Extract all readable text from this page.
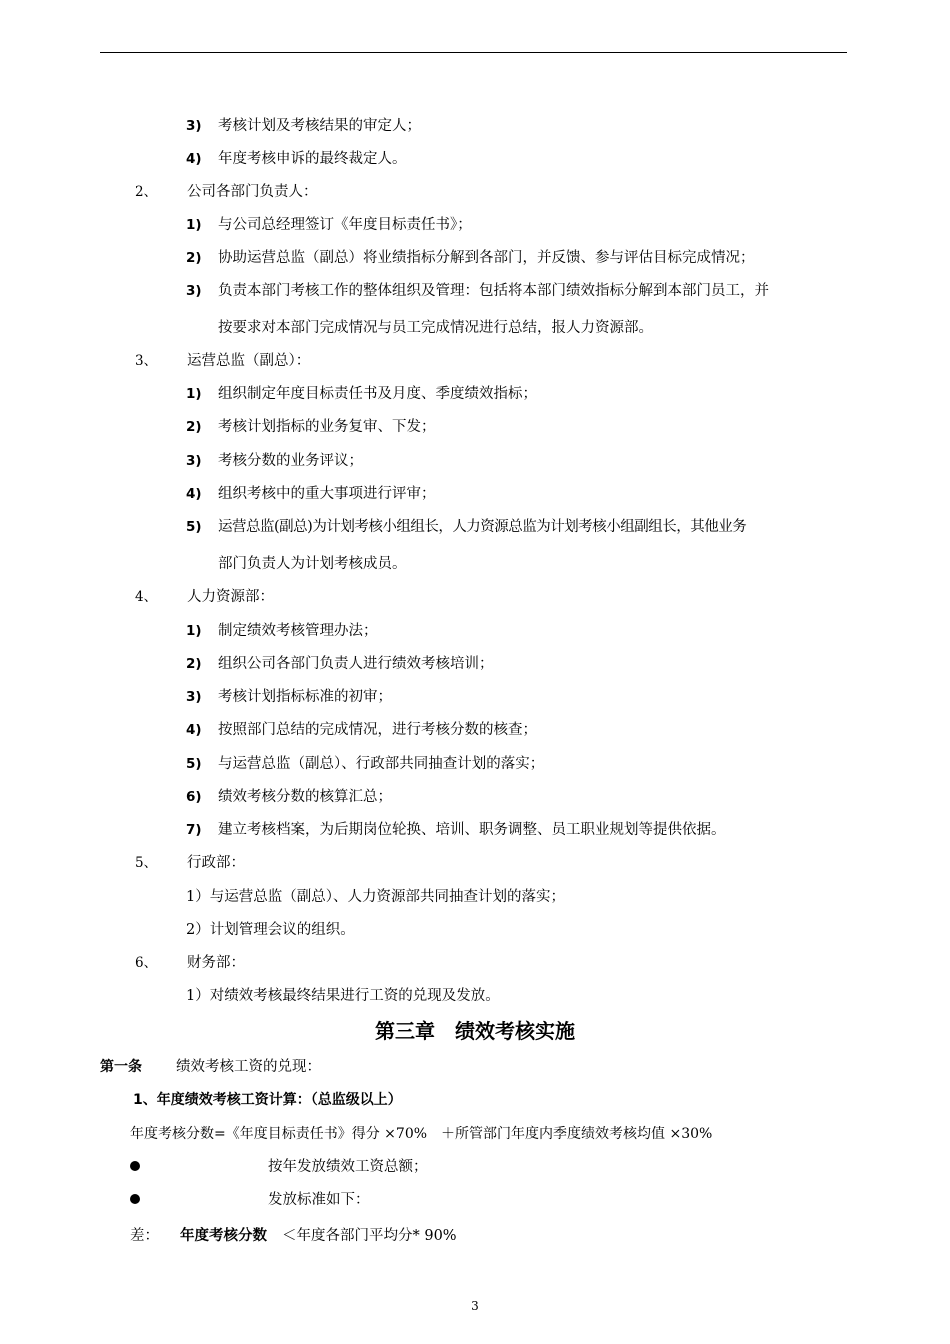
3) 考核计划及考核结果的审定人；
4) 年度考核申诉的最终裁定人。
2、 公司各部门负责人：
1) 与公司总经理签订《年度目标责任书》；
2) 协助运营总监（副总）将业绩指标分解到各部门，并反馈、参与评估目标完成情况；
3) 负责本部门考核工作的整体组织及管理：包括将本部门绩效指标分解到本部门员工，并
按要求对本部门完成情况与员工完成情况进行总结，报人力资源部。
3、 运营总监（副总）：
1) 组织制定年度目标责任书及月度、季度绩效指标；
2) 考核计划指标的业务复审、下发；
3) 考核分数的业务评议；
4) 组织考核中的重大事项进行评审；
5) 运营总监(副总)为计划考核小组组长，人力资源总监为计划考核小组副组长，其他业务
部门负责人为计划考核成员。
4、 人力资源部：
1) 制定绩效考核管理办法；
2) 组织公司各部门负责人进行绩效考核培训；
3) 考核计划指标标准的初审；
4) 按照部门总结的完成情况，进行考核分数的核查；
5) 与运营总监（副总）、行政部共同抽查计划的落实；
6) 绩效考核分数的核算汇总；
7) 建立考核档案，为后期岗位轮换、培训、职务调整、员工职业规划等提供依据。
5、 行政部：
1）与运营总监（副总）、人力资源部共同抽查计划的落实；
2）计划管理会议的组织。
6、 财务部：
1）对绩效考核最终结果进行工资的兑现及发放。
第三章　绩效考核实施
第一条 绩效考核工资的兑现：
1、年度绩效考核工资计算：（总监级以上）
年度考核分数=《年度目标责任书》得分 ×70%　＋所管部门年度内季度绩效考核均值 ×30%
按年发放绩效工资总额；
发放标准如下：
差： 年度考核分数 ＜年度各部门平均分* 90%
3
